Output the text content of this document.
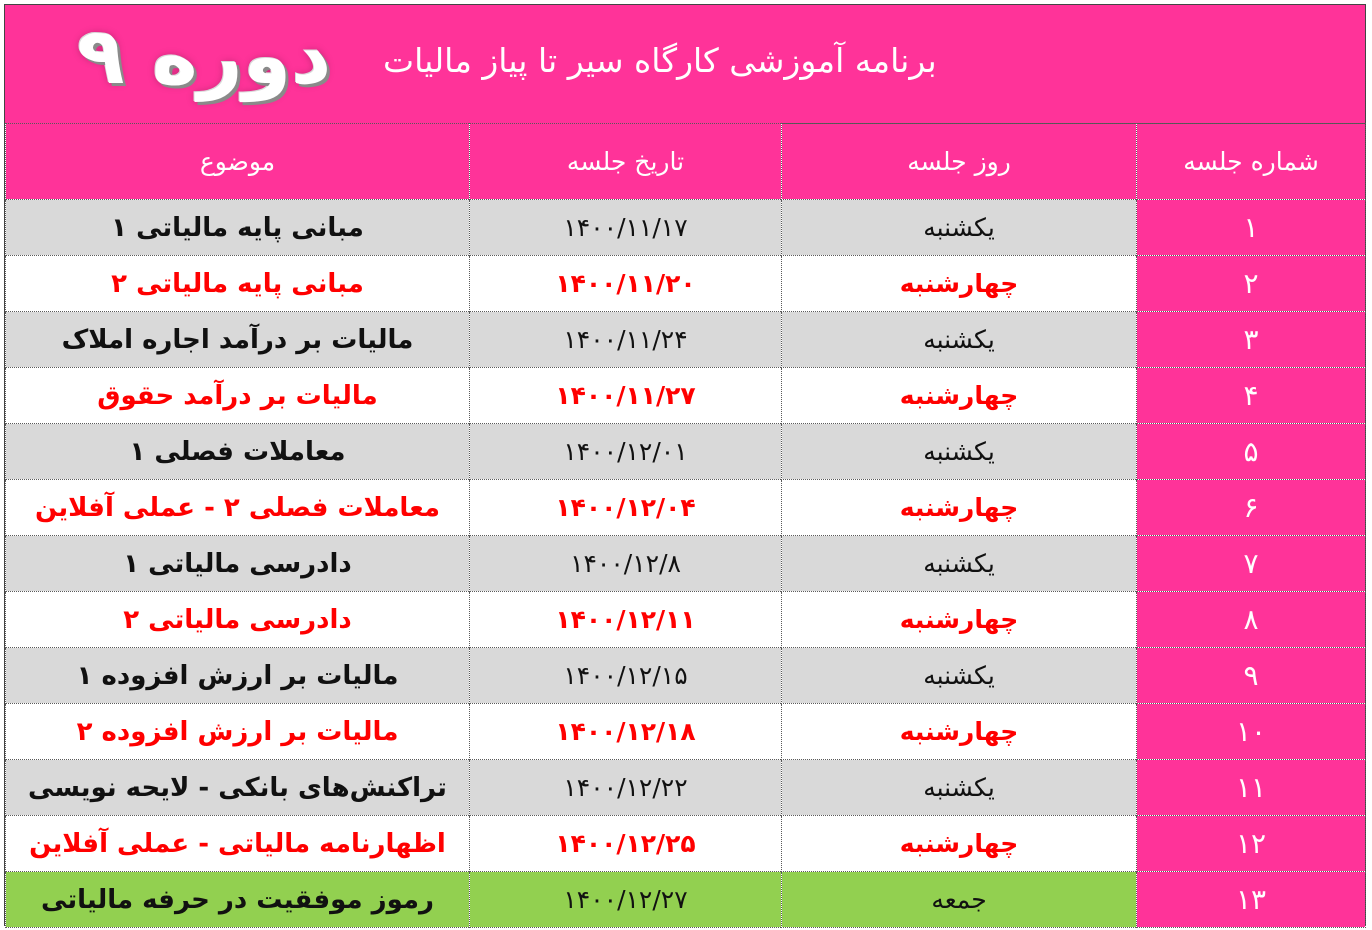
دوره ۹ برنامه آموزشی کارگاه سیر تا پیاز مالیات
شماره جلسه	روز جلسه	تاریخ جلسه	موضوع
۱	یکشنبه	۱۴۰۰/۱۱/۱۷	مبانی پایه مالیاتی ۱
۲	چهارشنبه	۱۴۰۰/۱۱/۲۰	مبانی پایه مالیاتی ۲
۳	یکشنبه	۱۴۰۰/۱۱/۲۴	مالیات بر درآمد اجاره املاک
۴	چهارشنبه	۱۴۰۰/۱۱/۲۷	مالیات بر درآمد حقوق
۵	یکشنبه	۱۴۰۰/۱۲/۰۱	معاملات فصلی ۱
۶	چهارشنبه	۱۴۰۰/۱۲/۰۴	معاملات فصلی ۲ - عملی آفلاین
۷	یکشنبه	۱۴۰۰/۱۲/۸	دادرسی مالیاتی ۱
۸	چهارشنبه	۱۴۰۰/۱۲/۱۱	دادرسی مالیاتی ۲
۹	یکشنبه	۱۴۰۰/۱۲/۱۵	مالیات بر ارزش افزوده ۱
۱۰	چهارشنبه	۱۴۰۰/۱۲/۱۸	مالیات بر ارزش افزوده ۲
۱۱	یکشنبه	۱۴۰۰/۱۲/۲۲	تراکنش‌های بانکی - لایحه نویسی
۱۲	چهارشنبه	۱۴۰۰/۱۲/۲۵	اظهارنامه مالیاتی - عملی آفلاین
۱۳	جمعه	۱۴۰۰/۱۲/۲۷	رموز موفقیت در حرفه مالیاتی
